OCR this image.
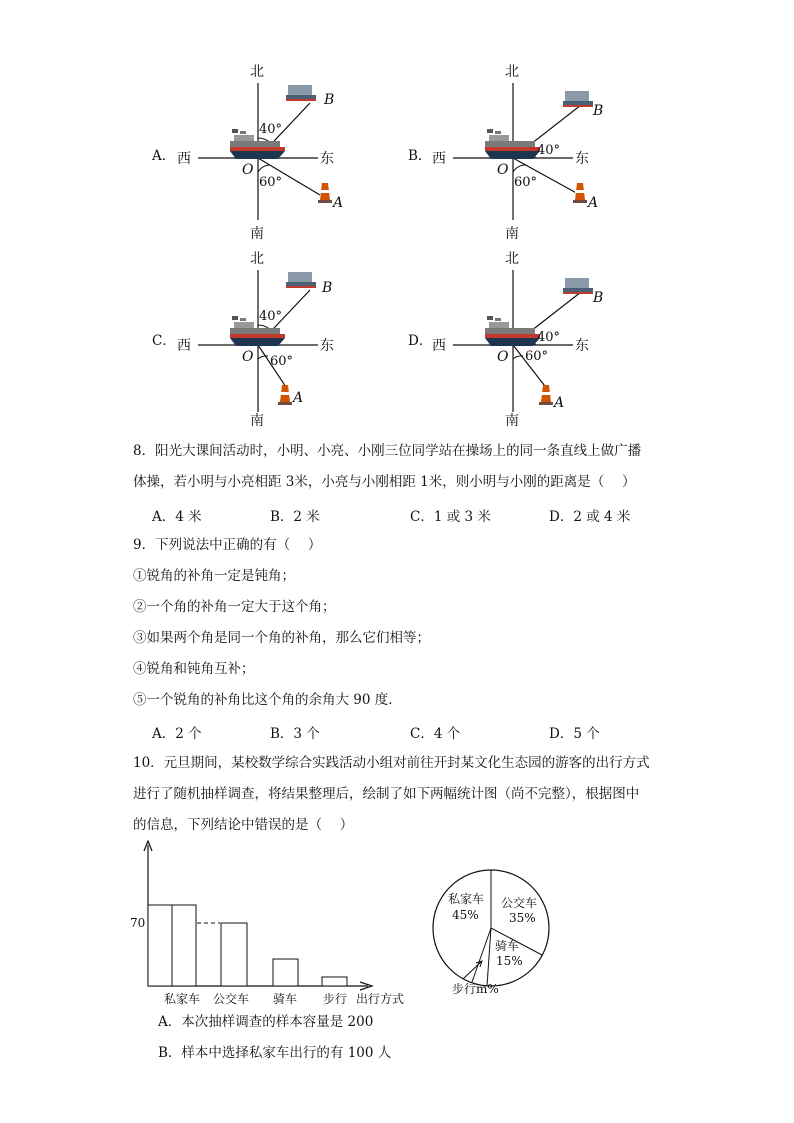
A．
北
南
西	东
O
B
A
40°
60°
B．
北
南
西	东
O
B
A
40°
60°
C．
北
南
西	东
O
B
A
40°
60°
D．
北
南
西	东
O
B
A
40°
60°
8．阳光大课间活动时，小明、小亮、小刚三位同学站在操场上的同一条直线上做广播
体操，若小明与小亮相距 3米，小亮与小刚相距 1米，则小明与小刚的距离是（　 ）
A．4 米	B．2 米	C．1 或 3 米	D．2 或 4 米
9．下列说法中正确的有（　 ）
①锐角的补角一定是钝角；
②一个角的补角一定大于这个角；
③如果两个角是同一个角的补角，那么它们相等；
④锐角和钝角互补；
⑤一个锐角的补角比这个角的余角大 90 度．
A．2 个	B．3 个	C．4 个	D．5 个
10．元旦期间，某校数学综合实践活动小组对前往开封某文化生态园的游客的出行方式
进行了随机抽样调查，将结果整理后，绘制了如下两幅统计图（尚不完整），根据图中
的信息，下列结论中错误的是（　 ）
70
私家车 公交车 骑车 步行 出行方式
私家车
45%
公交车
35%
骑车
15%
步行m%
A．本次抽样调查的样本容量是 200
B．样本中选择私家车出行的有 100 人
